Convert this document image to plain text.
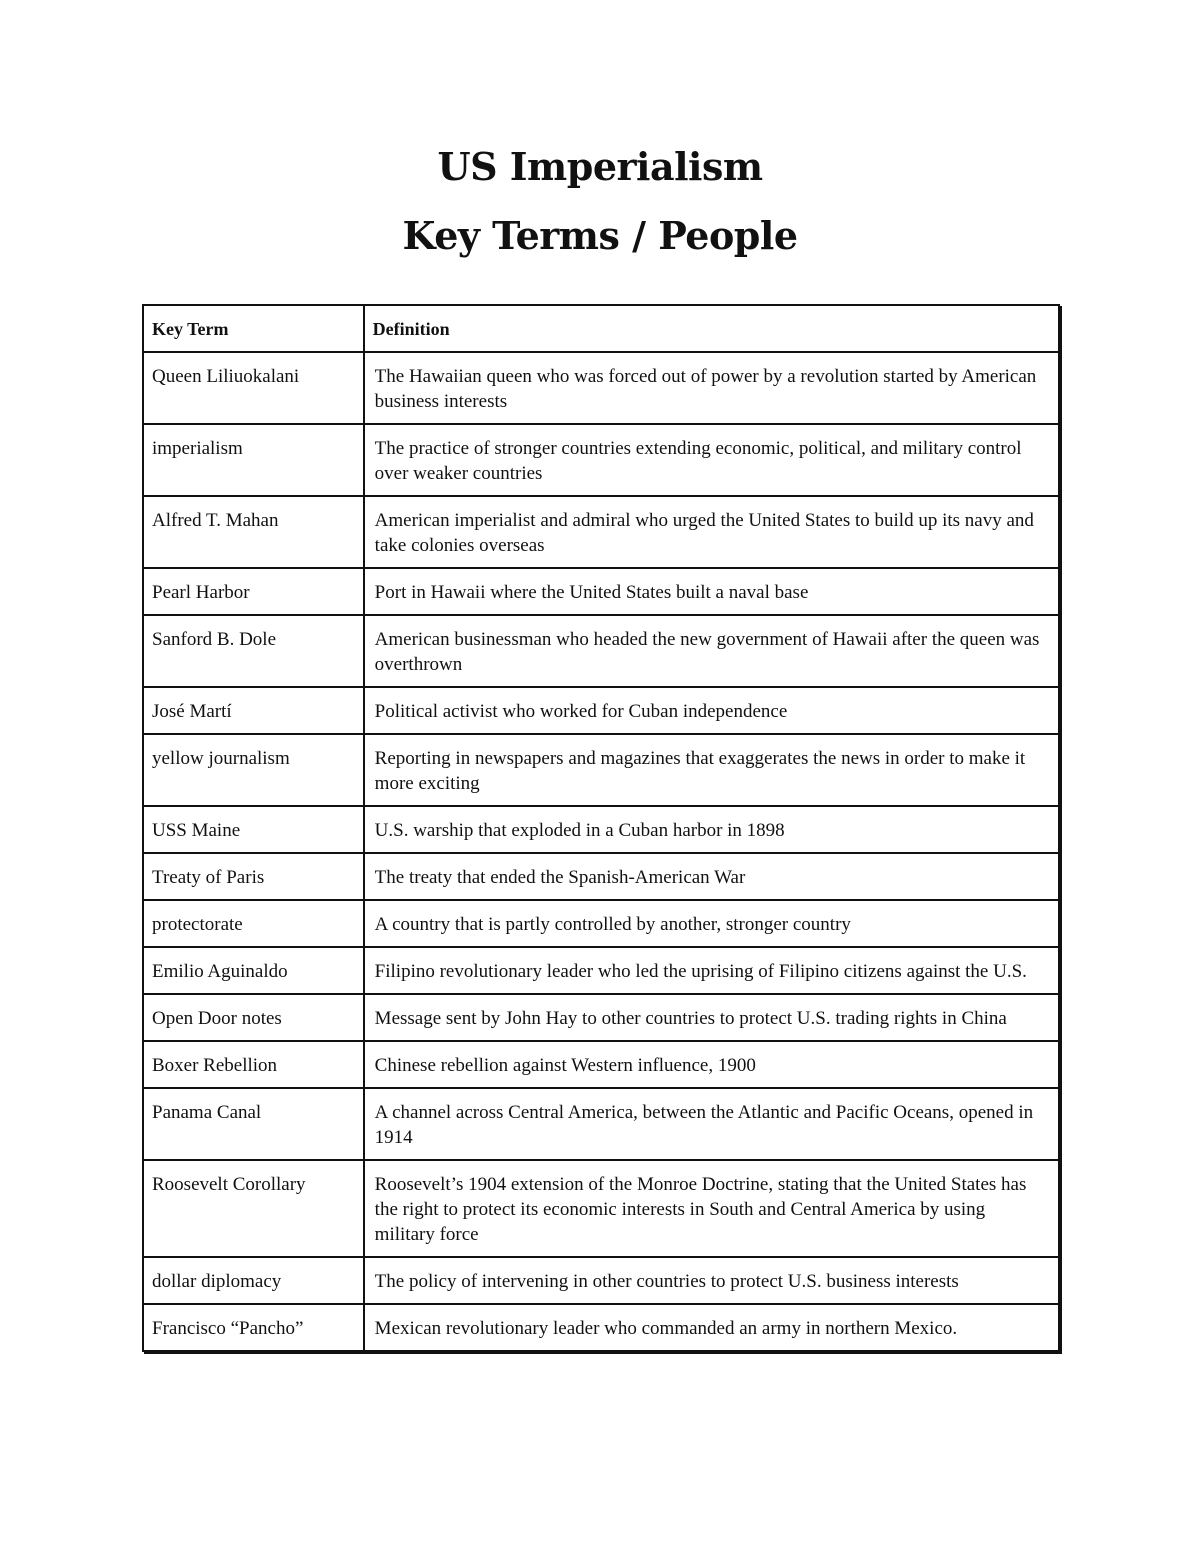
US Imperialism
Key Terms / People
Key Term	Definition
Queen Liliuokalani	The Hawaiian queen who was forced out of power by a revolution started by American business interests
imperialism	The practice of stronger countries extending economic, political, and military control over weaker countries
Alfred T. Mahan	American imperialist and admiral who urged the United States to build up its navy and take colonies overseas
Pearl Harbor	Port in Hawaii where the United States built a naval base
Sanford B. Dole	American businessman who headed the new government of Hawaii after the queen was overthrown
José Martí	Political activist who worked for Cuban independence
yellow journalism	Reporting in newspapers and magazines that exaggerates the news in order to make it more exciting
USS Maine	U.S. warship that exploded in a Cuban harbor in 1898
Treaty of Paris	The treaty that ended the Spanish-American War
protectorate	A country that is partly controlled by another, stronger country
Emilio Aguinaldo	Filipino revolutionary leader who led the uprising of Filipino citizens against the U.S.
Open Door notes	Message sent by John Hay to other countries to protect U.S. trading rights in China
Boxer Rebellion	Chinese rebellion against Western influence, 1900
Panama Canal	A channel across Central America, between the Atlantic and Pacific Oceans, opened in 1914
Roosevelt Corollary	Roosevelt’s 1904 extension of the Monroe Doctrine, stating that the United States has the right to protect its economic interests in South and Central America by using military force
dollar diplomacy	The policy of intervening in other countries to protect U.S. business interests
Francisco “Pancho”	Mexican revolutionary leader who commanded an army in northern Mexico.
